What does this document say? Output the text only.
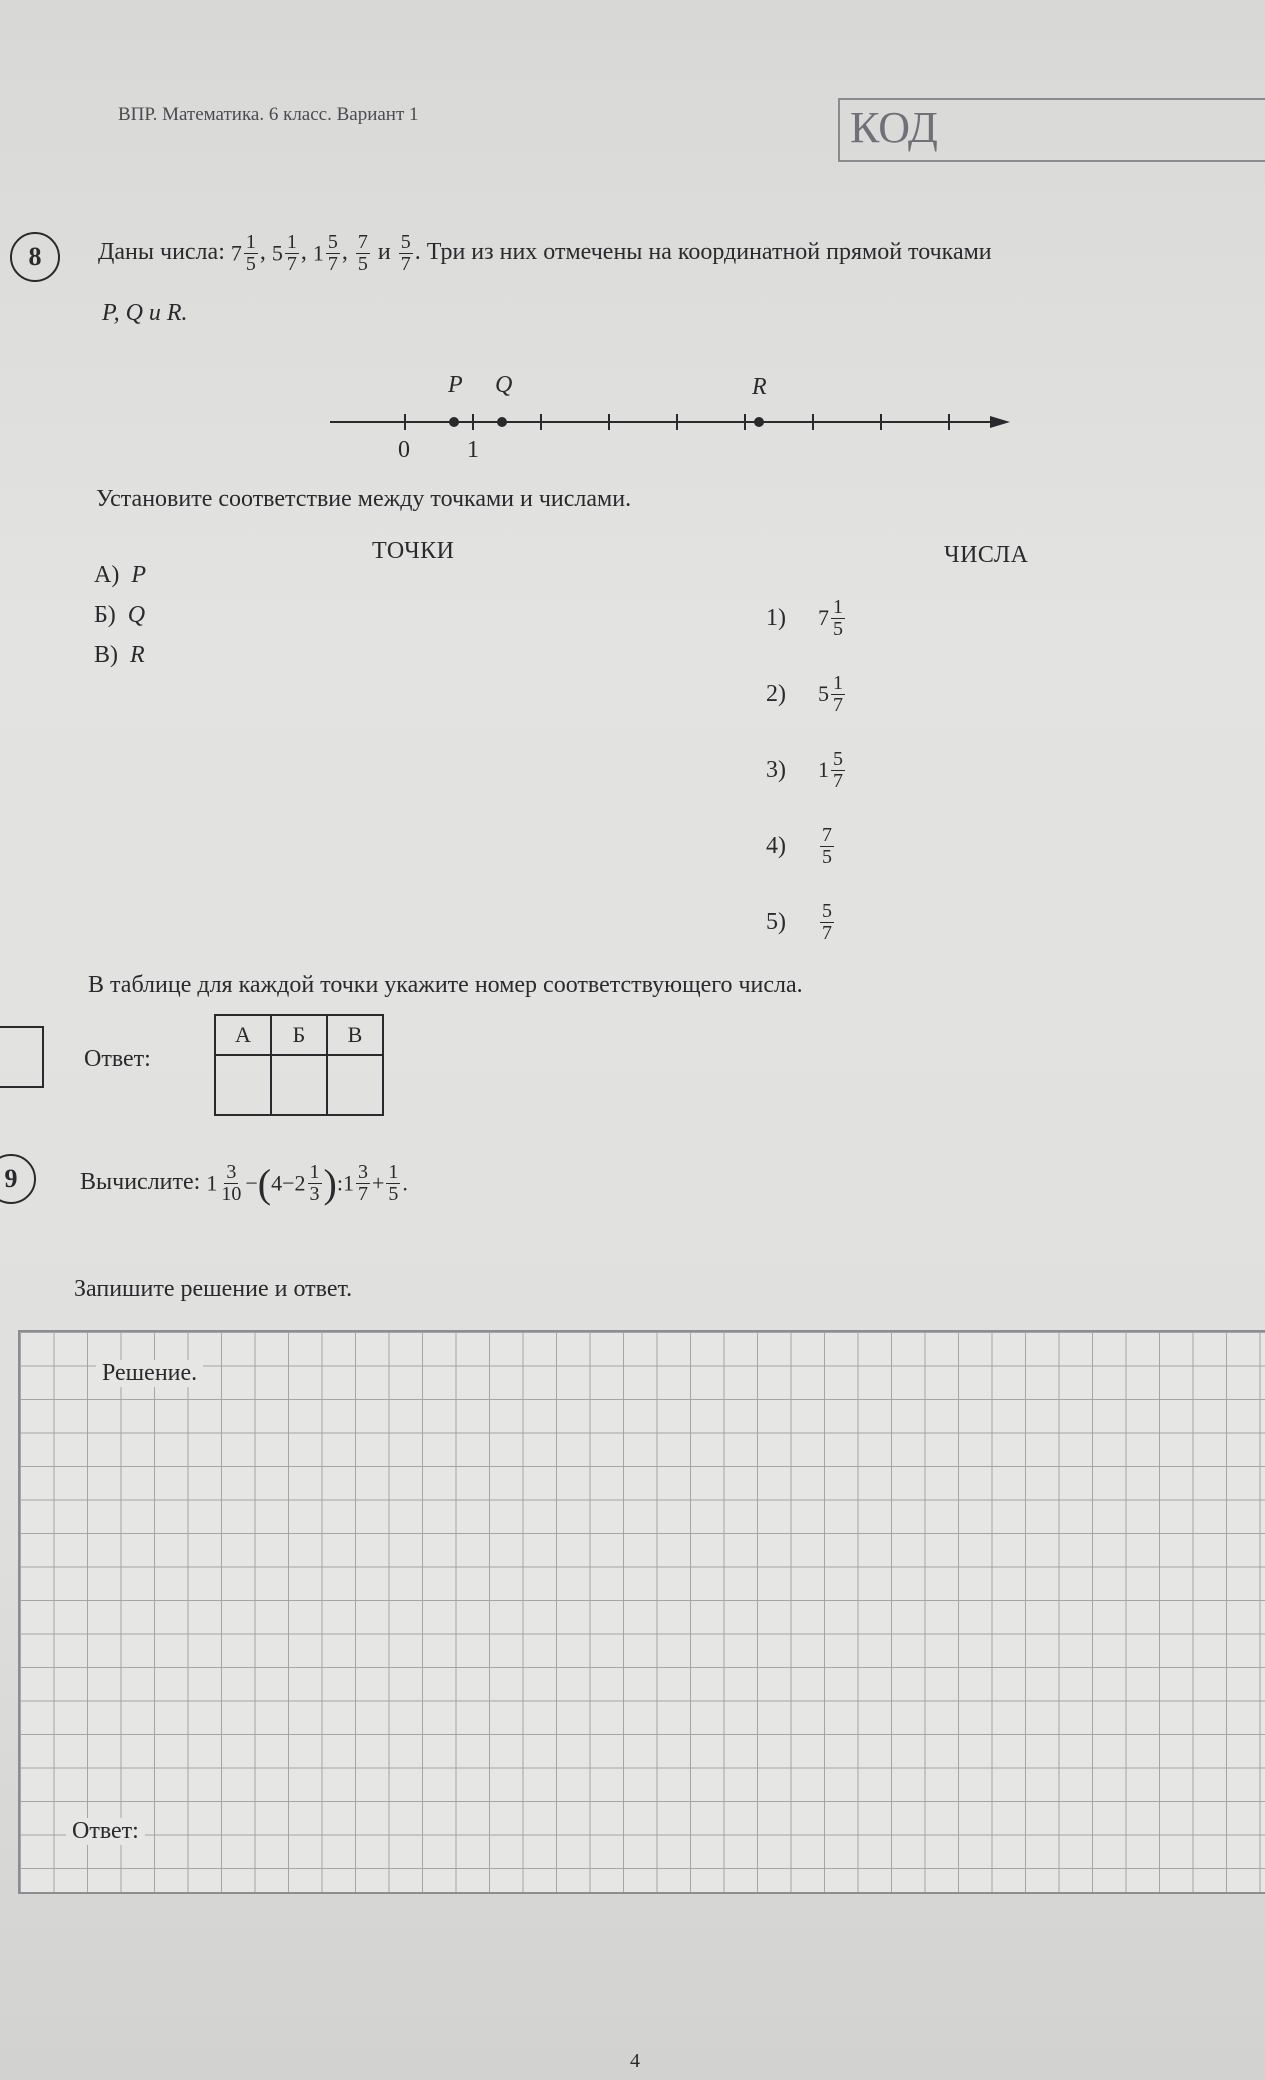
ВПР. Математика. 6 класс. Вариант 1	КОД
8	Даны числа: $7 \frac{1}{5}$ , $5 \frac{1}{7}$ , $1 \frac{5}{7}$ , $\frac{7}{5}$ и $\frac{5}{7}$ . Три из них отмечены на координатной прямой точками
P, Q и R.
P Q	R
0 1
Установите соответствие между точками и числами.
ТОЧКИ	ЧИСЛА
А) P
Б) Q
В) R
1)	$7 \frac{1}{5}$
2)	$5 \frac{1}{7}$
3)	$1 \frac{5}{7}$
4)	$\frac{7}{5}$
5)	$\frac{5}{7}$
В таблице для каждой точки укажите номер соответствующего числа.
Ответ:
А	Б	В

9	Вычислите: $1 \frac{3}{10} -(4-2 \frac{1}{3}$ ):1 $\frac{3}{7} + \frac{1}{5}$ .
Запишите решение и ответ.
Решение.
Ответ:
4
